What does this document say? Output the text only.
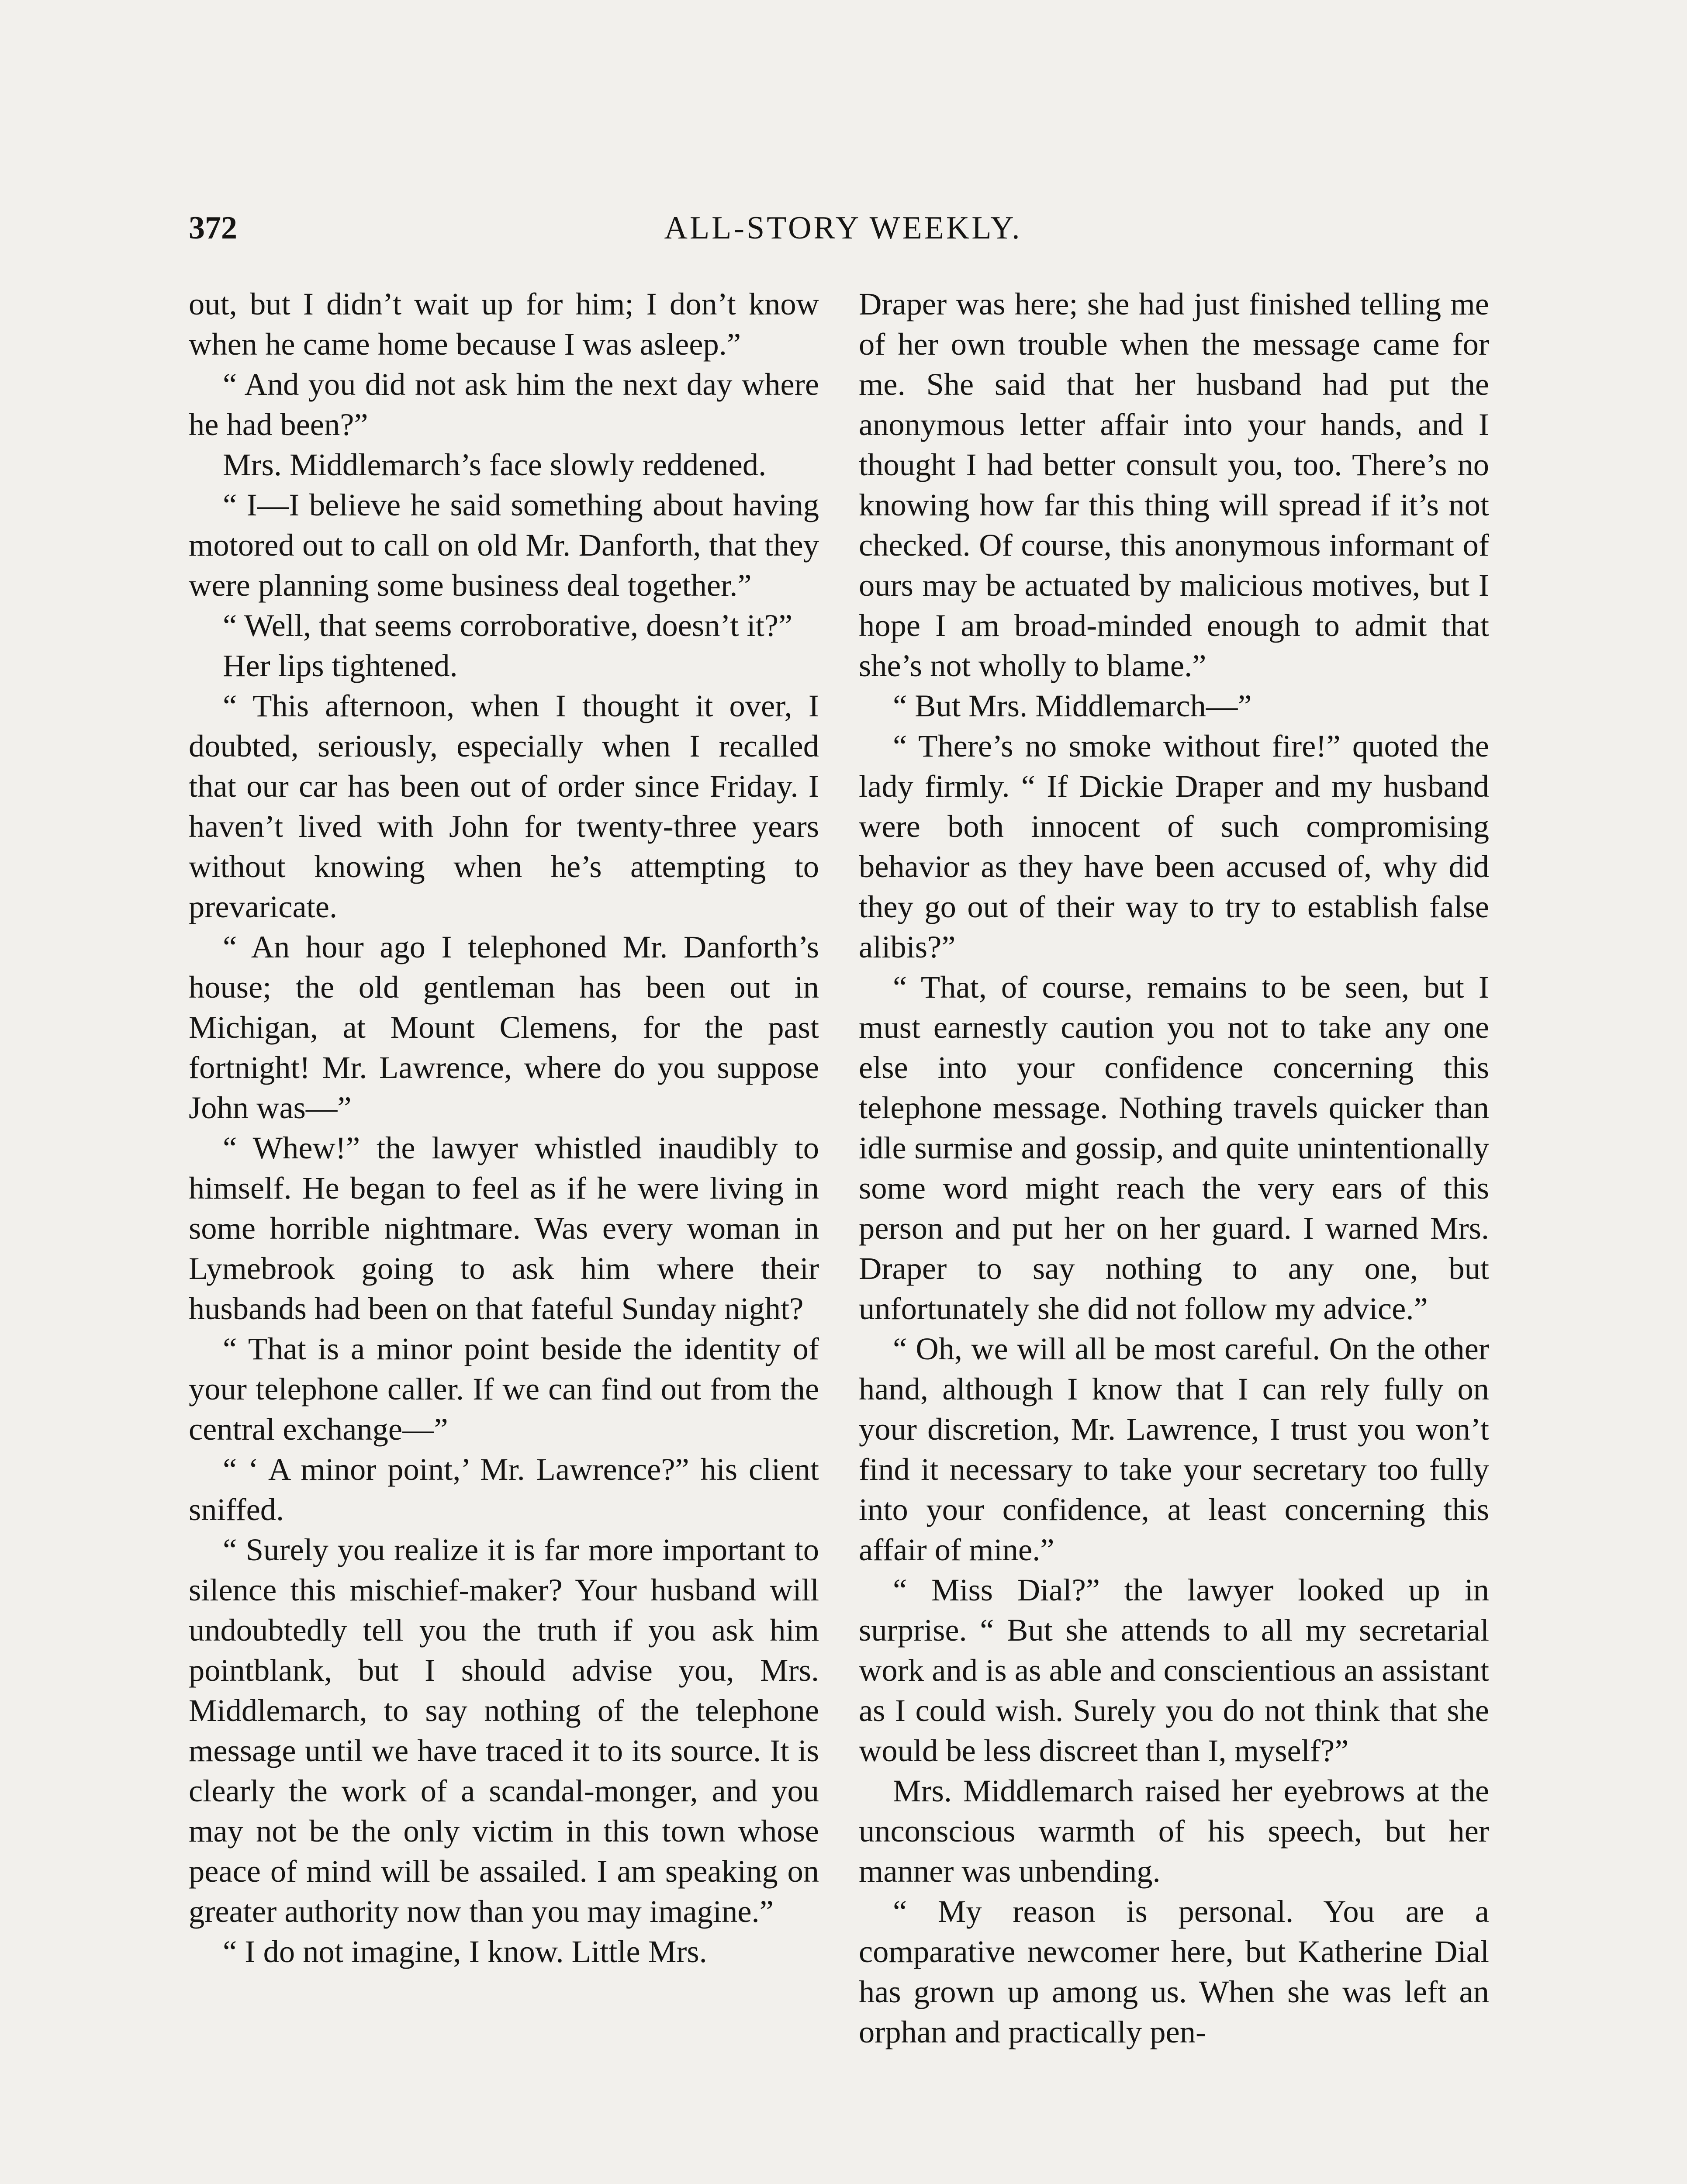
372	ALL-STORY WEEKLY.

out, but I didn’t wait up for him; I don’t know when he came home because I was asleep.”

“ And you did not ask him the next day where he had been?”

Mrs. Middlemarch’s face slowly reddened.

“ I—I believe he said something about having motored out to call on old Mr. Danforth, that they were planning some business deal together.”

“ Well, that seems corroborative, doesn’t it?”

Her lips tightened.

“ This afternoon, when I thought it over, I doubted, seriously, especially when I recalled that our car has been out of order since Friday. I haven’t lived with John for twenty-three years without knowing when he’s attempting to prevaricate.

“ An hour ago I telephoned Mr. Danforth’s house; the old gentleman has been out in Michigan, at Mount Clemens, for the past fortnight! Mr. Lawrence, where do you suppose John was—”

“ Whew!” the lawyer whistled inaudibly to himself. He began to feel as if he were living in some horrible nightmare. Was every woman in Lymebrook going to ask him where their husbands had been on that fateful Sunday night?

“ That is a minor point beside the identity of your telephone caller. If we can find out from the central exchange—”

“ ‘ A minor point,’ Mr. Lawrence?” his client sniffed.

“ Surely you realize it is far more important to silence this mischief-maker? Your husband will undoubtedly tell you the truth if you ask him pointblank, but I should advise you, Mrs. Middlemarch, to say nothing of the telephone message until we have traced it to its source. It is clearly the work of a scandal-monger, and you may not be the only victim in this town whose peace of mind will be assailed. I am speaking on greater authority now than you may imagine.”

“ I do not imagine, I know. Little Mrs.

Draper was here; she had just finished telling me of her own trouble when the message came for me. She said that her husband had put the anonymous letter affair into your hands, and I thought I had better consult you, too. There’s no knowing how far this thing will spread if it’s not checked. Of course, this anonymous informant of ours may be actuated by malicious motives, but I hope I am broad-minded enough to admit that she’s not wholly to blame.”

“ But Mrs. Middlemarch—”

“ There’s no smoke without fire!” quoted the lady firmly. “ If Dickie Draper and my husband were both innocent of such compromising behavior as they have been accused of, why did they go out of their way to try to establish false alibis?”

“ That, of course, remains to be seen, but I must earnestly caution you not to take any one else into your confidence concerning this telephone message. Nothing travels quicker than idle surmise and gossip, and quite unintentionally some word might reach the very ears of this person and put her on her guard. I warned Mrs. Draper to say nothing to any one, but unfortunately she did not follow my advice.”

“ Oh, we will all be most careful. On the other hand, although I know that I can rely fully on your discretion, Mr. Lawrence, I trust you won’t find it necessary to take your secretary too fully into your confidence, at least concerning this affair of mine.”

“ Miss Dial?” the lawyer looked up in surprise. “ But she attends to all my secretarial work and is as able and conscientious an assistant as I could wish. Surely you do not think that she would be less discreet than I, myself?”

Mrs. Middlemarch raised her eyebrows at the unconscious warmth of his speech, but her manner was unbending.

“ My reason is personal. You are a comparative newcomer here, but Katherine Dial has grown up among us. When she was left an orphan and practically pen-
